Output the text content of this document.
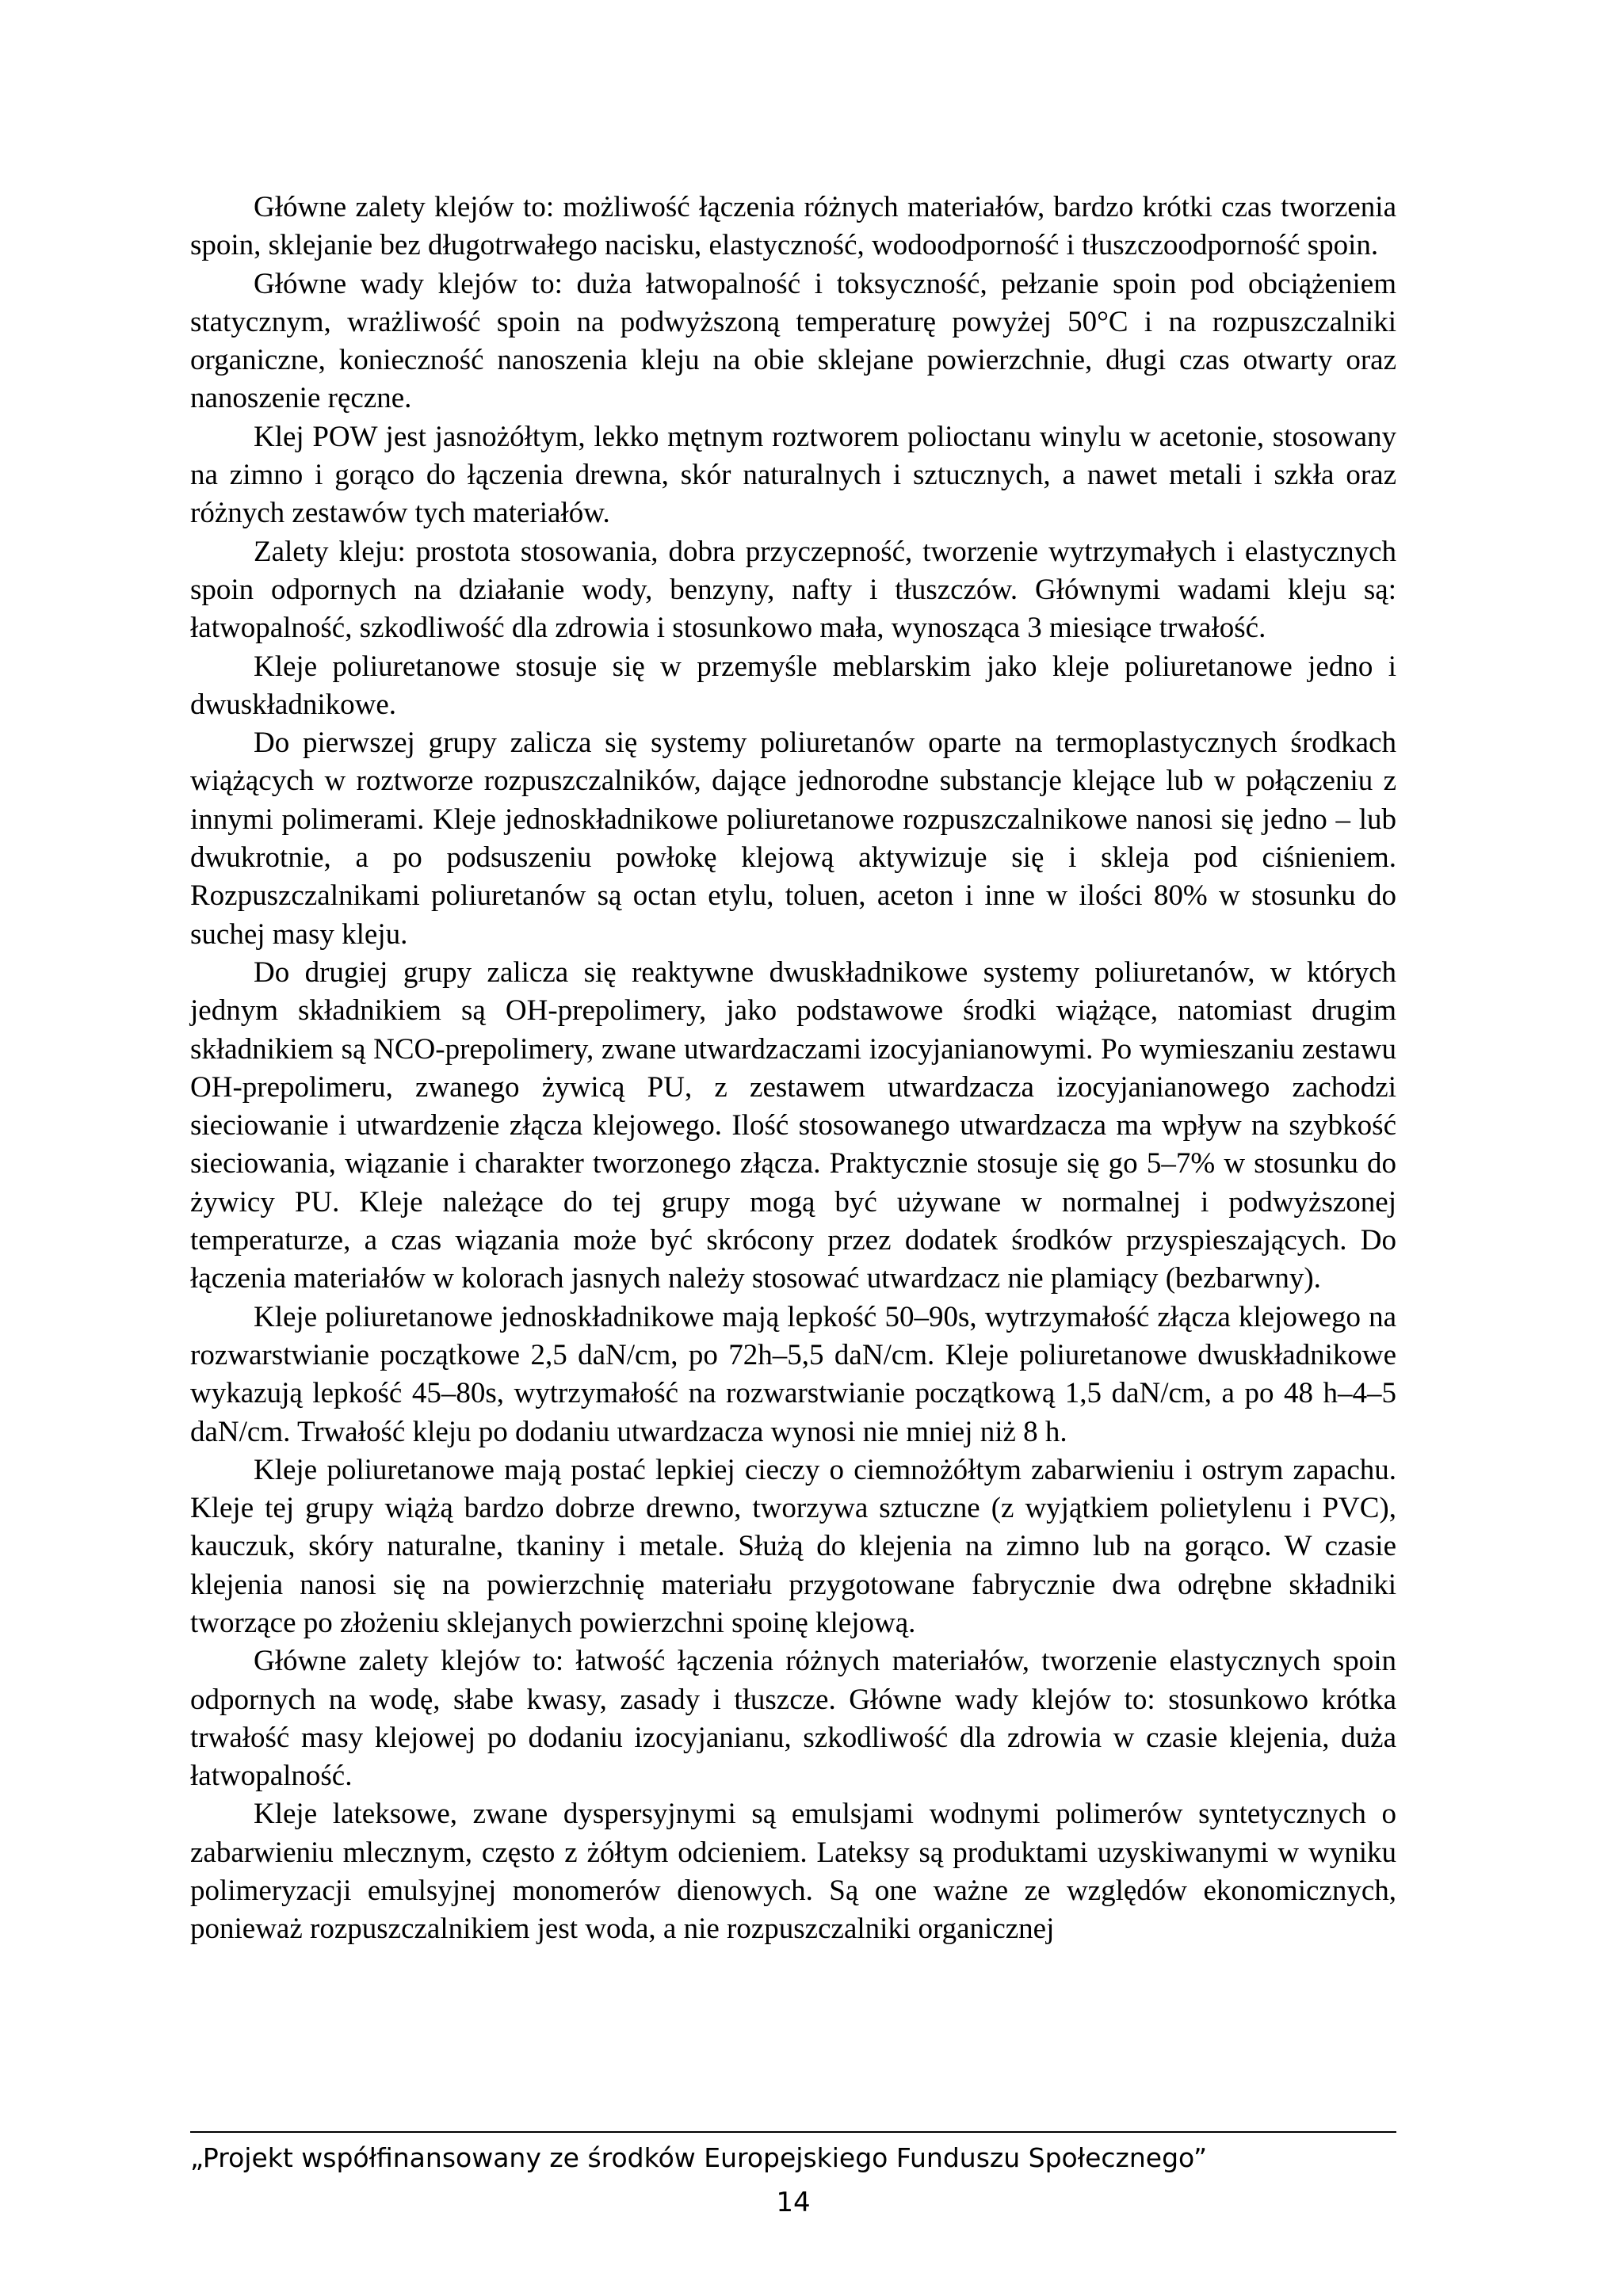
Główne zalety klejów to: możliwość łączenia różnych materiałów, bardzo krótki czas tworzenia spoin, sklejanie bez długotrwałego nacisku, elastyczność, wodoodporność i tłuszczoodporność spoin.

Główne wady klejów to: duża łatwopalność i toksyczność, pełzanie spoin pod obciążeniem statycznym, wrażliwość spoin na podwyższoną temperaturę powyżej 50°C i na rozpuszczalniki organiczne, konieczność nanoszenia kleju na obie sklejane powierzchnie, długi czas otwarty oraz nanoszenie ręczne.

Klej POW jest jasnożółtym, lekko mętnym roztworem polioctanu winylu w acetonie, stosowany na zimno i gorąco do łączenia drewna, skór naturalnych i sztucznych, a nawet metali i szkła oraz różnych zestawów tych materiałów.

Zalety kleju: prostota stosowania, dobra przyczepność, tworzenie wytrzymałych i elastycznych spoin odpornych na działanie wody, benzyny, nafty i tłuszczów. Głównymi wadami kleju są: łatwopalność, szkodliwość dla zdrowia i stosunkowo mała, wynosząca 3 miesiące trwałość.

Kleje poliuretanowe stosuje się w przemyśle meblarskim jako kleje poliuretanowe jedno i dwuskładnikowe.

Do pierwszej grupy zalicza się systemy poliuretanów oparte na termoplastycznych środkach wiążących w roztworze rozpuszczalników, dające jednorodne substancje klejące lub w połączeniu z innymi polimerami. Kleje jednoskładnikowe poliuretanowe rozpuszczalnikowe nanosi się jedno – lub dwukrotnie, a po podsuszeniu powłokę klejową aktywizuje się i skleja pod ciśnieniem. Rozpuszczalnikami poliuretanów są octan etylu, toluen, aceton i inne w ilości 80% w stosunku do suchej masy kleju.

Do drugiej grupy zalicza się reaktywne dwuskładnikowe systemy poliuretanów, w których jednym składnikiem są OH-prepolimery, jako podstawowe środki wiążące, natomiast drugim składnikiem są NCO-prepolimery, zwane utwardzaczami izocyjanianowymi. Po wymieszaniu zestawu OH-prepolimeru, zwanego żywicą PU, z zestawem utwardzacza izocyjanianowego zachodzi sieciowanie i utwardzenie złącza klejowego. Ilość stosowanego utwardzacza ma wpływ na szybkość sieciowania, wiązanie i charakter tworzonego złącza. Praktycznie stosuje się go 5–7% w stosunku do żywicy PU. Kleje należące do tej grupy mogą być używane w normalnej i podwyższonej temperaturze, a czas wiązania może być skrócony przez dodatek środków przyspieszających. Do łączenia materiałów w kolorach jasnych należy stosować utwardzacz nie plamiący (bezbarwny).

Kleje poliuretanowe jednoskładnikowe mają lepkość 50–90s, wytrzymałość złącza klejowego na rozwarstwianie początkowe 2,5 daN/cm, po 72h–5,5 daN/cm. Kleje poliuretanowe dwuskładnikowe wykazują lepkość 45–80s, wytrzymałość na rozwarstwianie początkową 1,5 daN/cm, a po 48 h–4–5 daN/cm. Trwałość kleju po dodaniu utwardzacza wynosi nie mniej niż 8 h.

Kleje poliuretanowe mają postać lepkiej cieczy o ciemnożółtym zabarwieniu i ostrym zapachu. Kleje tej grupy wiążą bardzo dobrze drewno, tworzywa sztuczne (z wyjątkiem polietylenu i PVC), kauczuk, skóry naturalne, tkaniny i metale. Służą do klejenia na zimno lub na gorąco. W czasie klejenia nanosi się na powierzchnię materiału przygotowane fabrycznie dwa odrębne składniki tworzące po złożeniu sklejanych powierzchni spoinę klejową.

Główne zalety klejów to: łatwość łączenia różnych materiałów, tworzenie elastycznych spoin odpornych na wodę, słabe kwasy, zasady i tłuszcze. Główne wady klejów to: stosunkowo krótka trwałość masy klejowej po dodaniu izocyjanianu, szkodliwość dla zdrowia w czasie klejenia, duża łatwopalność.

Kleje lateksowe, zwane dyspersyjnymi są emulsjami wodnymi polimerów syntetycznych o zabarwieniu mlecznym, często z żółtym odcieniem. Lateksy są produktami uzyskiwanymi w wyniku polimeryzacji emulsyjnej monomerów dienowych. Są one ważne ze względów ekonomicznych, ponieważ rozpuszczalnikiem jest woda, a nie rozpuszczalniki organicznej

„Projekt współfinansowany ze środków Europejskiego Funduszu Społecznego”
14
